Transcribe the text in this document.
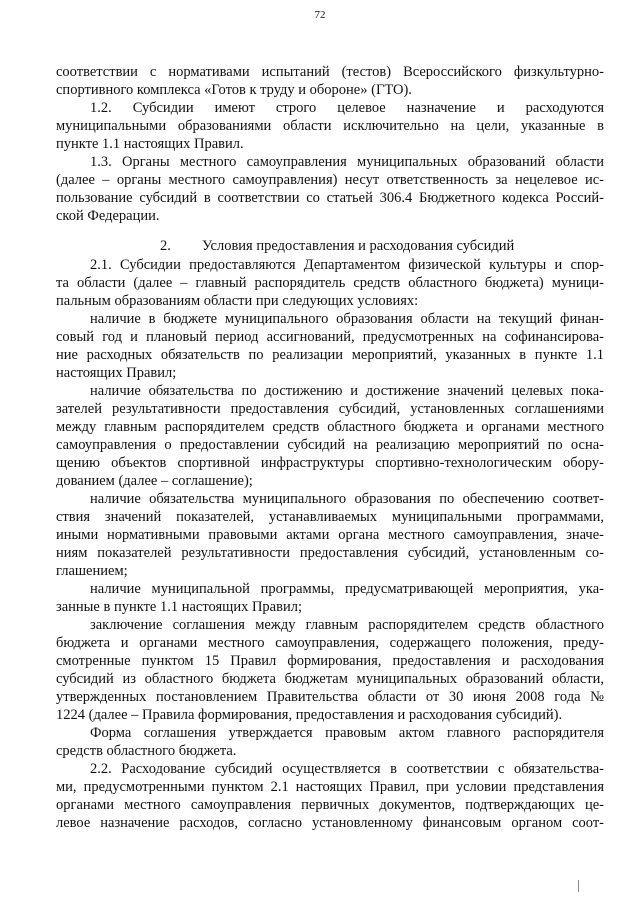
72
соответствии с нормативами испытаний (тестов) Всероссийского физкультурно-
спортивного комплекса «Готов к труду и обороне» (ГТО).
1.2. Субсидии имеют строго целевое назначение и расходуются
муниципальными образованиями области исключительно на цели, указанные в
пункте 1.1 настоящих Правил.
1.3. Органы местного самоуправления муниципальных образований области
(далее – органы местного самоуправления) несут ответственность за нецелевое ис-
пользование субсидий в соответствии со статьей 306.4 Бюджетного кодекса Россий-
ской Федерации.
2. Условия предоставления и расходования субсидий
2.1. Субсидии предоставляются Департаментом физической культуры и спор-
та области (далее – главный распорядитель средств областного бюджета) муници-
пальным образованиям области при следующих условиях:
наличие в бюджете муниципального образования области на текущий финан-
совый год и плановый период ассигнований, предусмотренных на софинансирова-
ние расходных обязательств по реализации мероприятий, указанных в пункте 1.1
настоящих Правил;
наличие обязательства по достижению и достижение значений целевых пока-
зателей результативности предоставления субсидий, установленных соглашениями
между главным распорядителем средств областного бюджета и органами местного
самоуправления о предоставлении субсидий на реализацию мероприятий по осна-
щению объектов спортивной инфраструктуры спортивно-технологическим обору-
дованием (далее – соглашение);
наличие обязательства муниципального образования по обеспечению соответ-
ствия значений показателей, устанавливаемых муниципальными программами,
иными нормативными правовыми актами органа местного самоуправления, значе-
ниям показателей результативности предоставления субсидий, установленным со-
глашением;
наличие муниципальной программы, предусматривающей мероприятия, ука-
занные в пункте 1.1 настоящих Правил;
заключение соглашения между главным распорядителем средств областного
бюджета и органами местного самоуправления, содержащего положения, преду-
смотренные пунктом 15 Правил формирования, предоставления и расходования
субсидий из областного бюджета бюджетам муниципальных образований области,
утвержденных постановлением Правительства области от 30 июня 2008 года №
1224 (далее – Правила формирования, предоставления и расходования субсидий).
Форма соглашения утверждается правовым актом главного распорядителя
средств областного бюджета.
2.2. Расходование субсидий осуществляется в соответствии с обязательства-
ми, предусмотренными пунктом 2.1 настоящих Правил, при условии представления
органами местного самоуправления первичных документов, подтверждающих це-
левое назначение расходов, согласно установленному финансовым органом соот-
